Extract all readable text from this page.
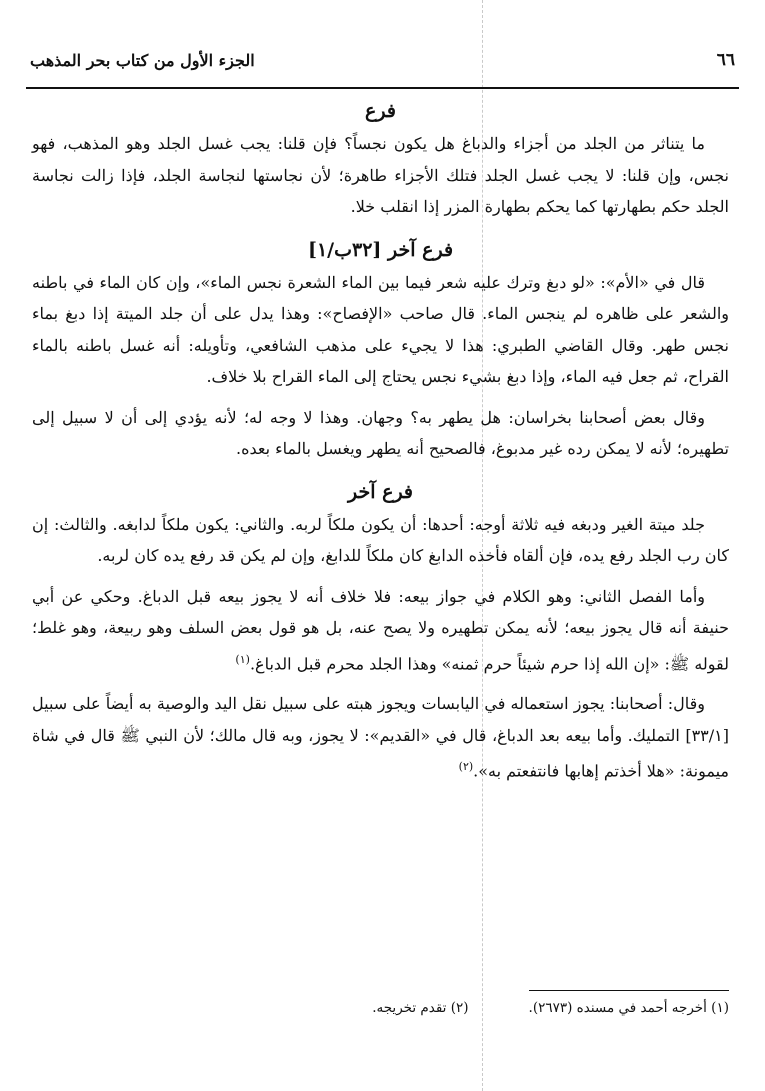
الجزء الأول من كتاب بحر المذهب	٦٦
فرع

ما يتناثر من الجلد من أجزاء والدباغ هل يكون نجساً؟ فإن قلنا: يجب غسل الجلد وهو المذهب، فهو نجس، وإن قلنا: لا يجب غسل الجلد فتلك الأجزاء طاهرة؛ لأن نجاستها لنجاسة الجلد، فإذا زالت نجاسة الجلد حكم بطهارتها كما يحكم بطهارة المزر إذا انقلب خلا.

فرع آخر [٣٢ب/١]

قال في «الأم»: «لو دبغ وترك عليه شعر فيما بين الماء الشعرة نجس الماء»، وإن كان الماء في باطنه والشعر على ظاهره لم ينجس الماء. قال صاحب «الإفصاح»: وهذا يدل على أن جلد الميتة إذا دبغ بماء نجس طهر. وقال القاضي الطبري: هذا لا يجيء على مذهب الشافعي، وتأويله: أنه غسل باطنه بالماء القراح، ثم جعل فيه الماء، وإذا دبغ بشيء نجس يحتاج إلى الماء القراح بلا خلاف.

وقال بعض أصحابنا بخراسان: هل يطهر به؟ وجهان. وهذا لا وجه له؛ لأنه يؤدي إلى أن لا سبيل إلى تطهيره؛ لأنه لا يمكن رده غير مدبوغ، فالصحيح أنه يطهر ويغسل بالماء بعده.

فرع آخر

جلد ميتة الغير ودبغه فيه ثلاثة أوجه: أحدها: أن يكون ملكاً لربه. والثاني: يكون ملكاً لدابغه. والثالث: إن كان رب الجلد رفع يده، فإن ألقاه فأخذه الدابغ كان ملكاً للدابغ، وإن لم يكن قد رفع يده كان لربه.

وأما الفصل الثاني: وهو الكلام في جواز بيعه: فلا خلاف أنه لا يجوز بيعه قبل الدباغ. وحكي عن أبي حنيفة أنه قال يجوز بيعه؛ لأنه يمكن تطهيره ولا يصح عنه، بل هو قول بعض السلف وهو ربيعة، وهو غلط؛ لقوله ﷺ: «إن الله إذا حرم شيئاً حرم ثمنه» وهذا الجلد محرم قبل الدباغ.$^{(١)}$

وقال: أصحابنا: يجوز استعماله في اليابسات ويجوز هبته على سبيل نقل اليد والوصية به أيضاً على سبيل [٣٣/١] التمليك. وأما بيعه بعد الدباغ، قال في «القديم»: لا يجوز، وبه قال مالك؛ لأن النبي ﷺ قال في شاة ميمونة: «هلا أخذتم إهابها فانتفعتم به».$^{(٢)}$

(١) أخرجه أحمد في مسنده (٢٦٧٣).
(٢) تقدم تخريجه.
